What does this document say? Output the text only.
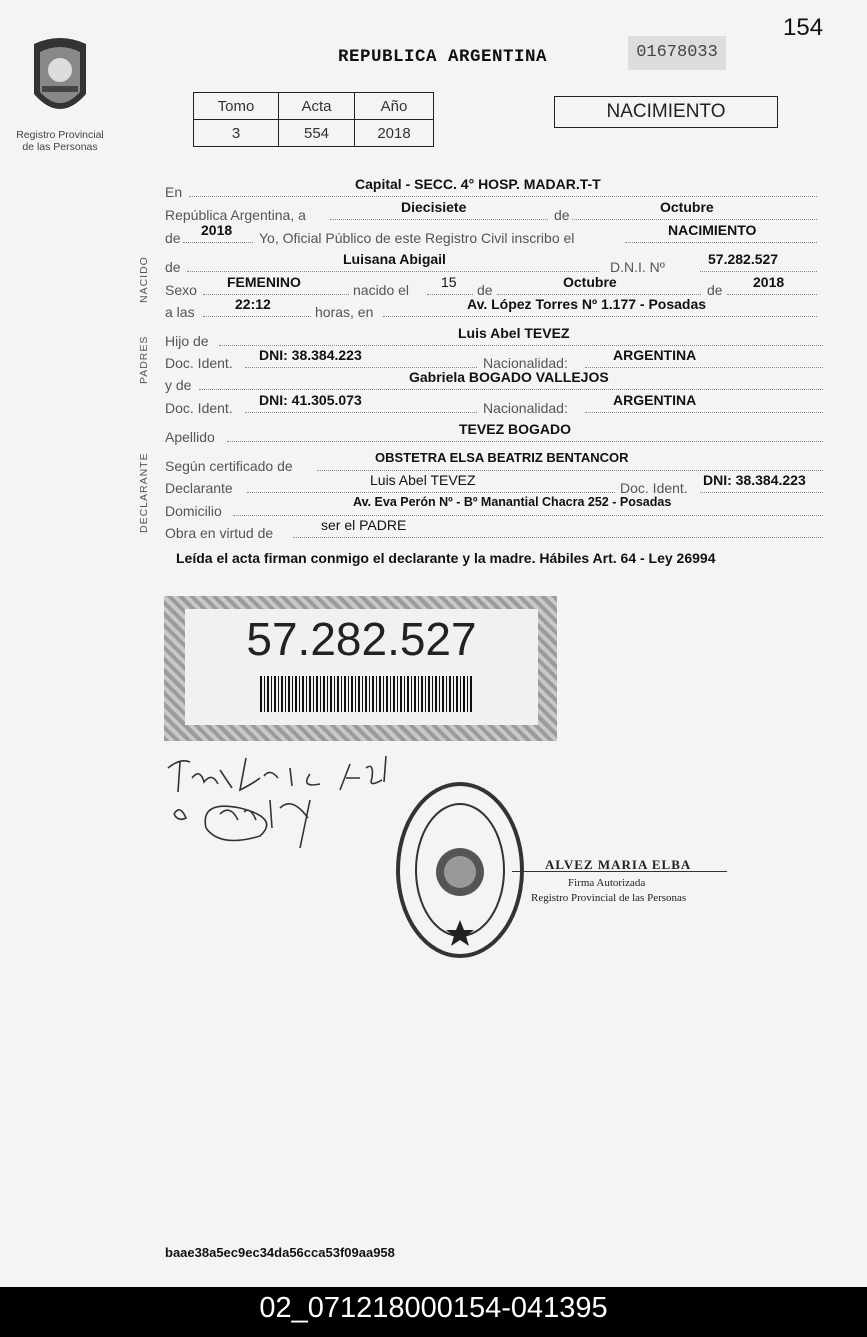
154
Registro Provincial
de las Personas
REPUBLICA ARGENTINA	01678033
Tomo	Acta	Año
3	554	2018
NACIMIENTO
En	Capital - SECC. 4° HOSP. MADAR.T-T
República Argentina, a	Diecisiete	de	Octubre
de 2018 Yo, Oficial Público de este Registro Civil inscribo el	NACIMIENTO
NACIDO de	Luisana Abigail	D.N.I. Nº	57.282.527
Sexo FEMENINO	nacido el 15 de	Octubre	de 2018
a las	22:12	horas, en	Av. López Torres Nº 1.177 - Posadas
PADRES Hijo de	Luis Abel TEVEZ
Doc. Ident. DNI: 38.384.223	Nacionalidad:	ARGENTINA
y de	Gabriela BOGADO VALLEJOS
Doc. Ident. DNI: 41.305.073	Nacionalidad:	ARGENTINA
Apellido	TEVEZ BOGADO
DECLARANTE Según certificado de
OBSTETRA ELSA BEATRIZ BENTANCOR
Declarante	Luis Abel TEVEZ	Doc. Ident. DNI: 38.384.223
Domicilio
Av. Eva Perón Nº - Bº Manantial Chacra 252 - Posadas
Obra en virtud de	ser el PADRE
Leída el acta firman conmigo el declarante y la madre. Hábiles Art. 64 - Ley 26994
57.282.527
ALVEZ MARIA ELBA
Firma Autorizada
Registro Provincial de las Personas
baae38a5ec9ec34da56cca53f09aa958
02_071218000154-041395
